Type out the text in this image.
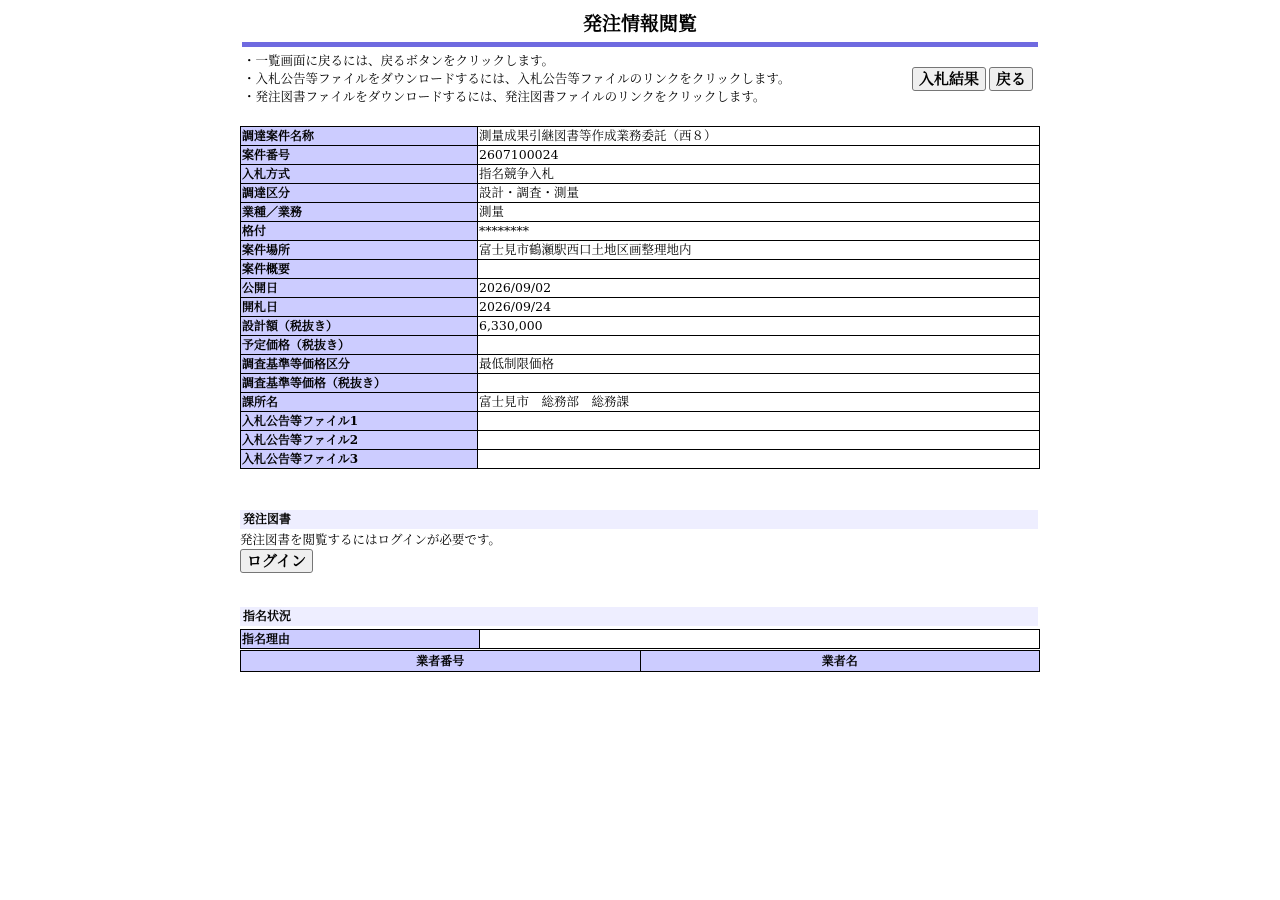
発注情報閲覧
・一覧画面に戻るには、戻るボタンをクリックします。
・入札公告等ファイルをダウンロードするには、入札公告等ファイルのリンクをクリックします。
・発注図書ファイルをダウンロードするには、発注図書ファイルのリンクをクリックします。
入札結果	戻る
調達案件名称	測量成果引継図書等作成業務委託（西８）
案件番号	2607100024
入札方式	指名競争入札
調達区分	設計・調査・測量
業種／業務	測量
格付	********
案件場所	富士見市鶴瀬駅西口土地区画整理地内
案件概要	
公開日	2026/09/02
開札日	2026/09/24
設計額（税抜き）	6,330,000
予定価格（税抜き）	
調査基準等価格区分	最低制限価格
調査基準等価格（税抜き）	
課所名	富士見市　総務部　総務課
入札公告等ファイル1	
入札公告等ファイル2	
入札公告等ファイル3	
発注図書
発注図書を閲覧するにはログインが必要です。
ログイン
指名状況
指名理由	
業者番号	業者名
